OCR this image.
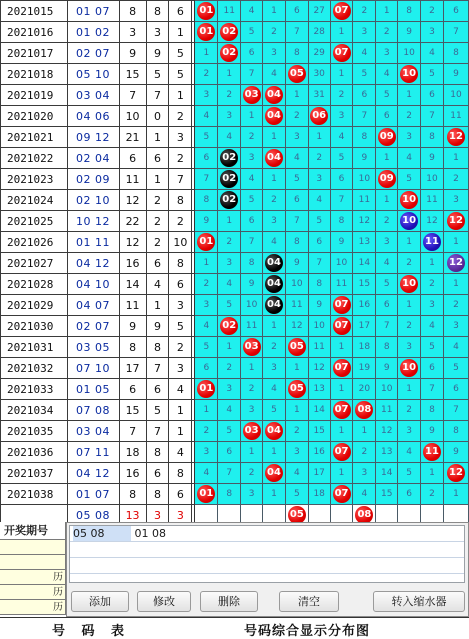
2021015	01 07	8	8	6		01	11	4	1	6	27	07	2	1	8	2	6
2021016	01 02	3	3	1		01	02	5	2	7	28	1	3	2	9	3	7
2021017	02 07	9	9	5		1	02	6	3	8	29	07	4	3	10	4	8
2021018	05 10	15	5	5		2	1	7	4	05	30	1	5	4	10	5	9
2021019	03 04	7	7	1		3	2	03	04	1	31	2	6	5	1	6	10
2021020	04 06	10	0	2		4	3	1	04	2	06	3	7	6	2	7	11
2021021	09 12	21	1	3		5	4	2	1	3	1	4	8	09	3	8	12
2021022	02 04	6	6	2		6	02	3	04	4	2	5	9	1	4	9	1
2021023	02 09	11	1	7		7	02	4	1	5	3	6	10	09	5	10	2
2021024	02 10	12	2	8		8	02	5	2	6	4	7	11	1	10	11	3
2021025	10 12	22	2	2		9	1	6	3	7	5	8	12	2	10	12	12
2021026	01 11	12	2	10		01	2	7	4	8	6	9	13	3	1	11	1
2021027	04 12	16	6	8		1	3	8	04	9	7	10	14	4	2	1	12
2021028	04 10	14	4	6		2	4	9	04	10	8	11	15	5	10	2	1
2021029	04 07	11	1	3		3	5	10	04	11	9	07	16	6	1	3	2
2021030	02 07	9	9	5		4	02	11	1	12	10	07	17	7	2	4	3
2021031	03 05	8	8	2		5	1	03	2	05	11	1	18	8	3	5	4
2021032	07 10	17	7	3		6	2	1	3	1	12	07	19	9	10	6	5
2021033	01 05	6	6	4		01	3	2	4	05	13	1	20	10	1	7	6
2021034	07 08	15	5	1		1	4	3	5	1	14	07	08	11	2	8	7
2021035	03 04	7	7	1		2	5	03	04	2	15	1	1	12	3	9	8
2021036	07 11	18	8	4		3	6	1	1	3	16	07	2	13	4	11	9
2021037	04 12	16	6	8		4	7	2	04	4	17	1	3	14	5	1	12
2021038	01 07	8	8	6		01	8	3	1	5	18	07	4	15	6	2	1
	05 08	13	3	3						05			08				
开奖期号
历
历
历
05 08	01 08
添加	修改	删除	清空	转入缩水器
号 码 表	号码综合显示分布图
